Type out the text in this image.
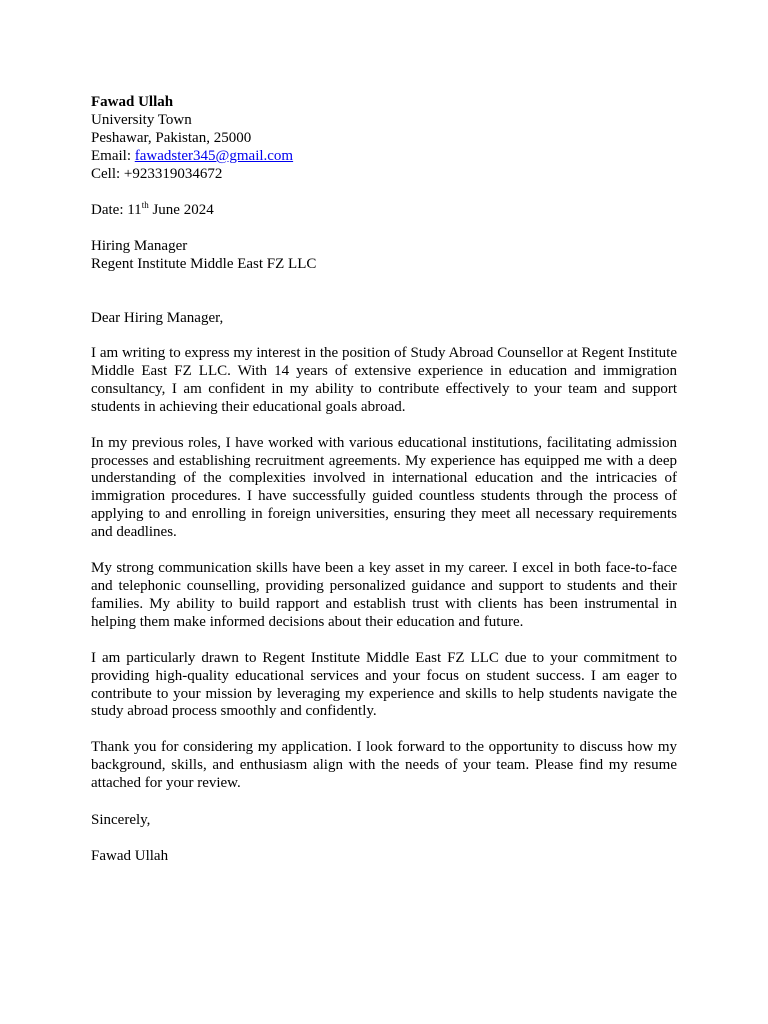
Fawad Ullah
University Town
Peshawar, Pakistan, 25000
Email: fawadster345@gmail.com
Cell: +923319034672
Date: 11th June 2024
Hiring Manager
Regent Institute Middle East FZ LLC
Dear Hiring Manager,

I am writing to express my interest in the position of Study Abroad Counsellor at Regent Institute Middle East FZ LLC. With 14 years of extensive experience in education and immigration consultancy, I am confident in my ability to contribute effectively to your team and support students in achieving their educational goals abroad.

In my previous roles, I have worked with various educational institutions, facilitating admission processes and establishing recruitment agreements. My experience has equipped me with a deep understanding of the complexities involved in international education and the intricacies of immigration procedures. I have successfully guided countless students through the process of applying to and enrolling in foreign universities, ensuring they meet all necessary requirements and deadlines.

My strong communication skills have been a key asset in my career. I excel in both face-to-face and telephonic counselling, providing personalized guidance and support to students and their families. My ability to build rapport and establish trust with clients has been instrumental in helping them make informed decisions about their education and future.

I am particularly drawn to Regent Institute Middle East FZ LLC due to your commitment to providing high-quality educational services and your focus on student success. I am eager to contribute to your mission by leveraging my experience and skills to help students navigate the study abroad process smoothly and confidently.

Thank you for considering my application. I look forward to the opportunity to discuss how my background, skills, and enthusiasm align with the needs of your team. Please find my resume attached for your review.

Sincerely,
Fawad Ullah
